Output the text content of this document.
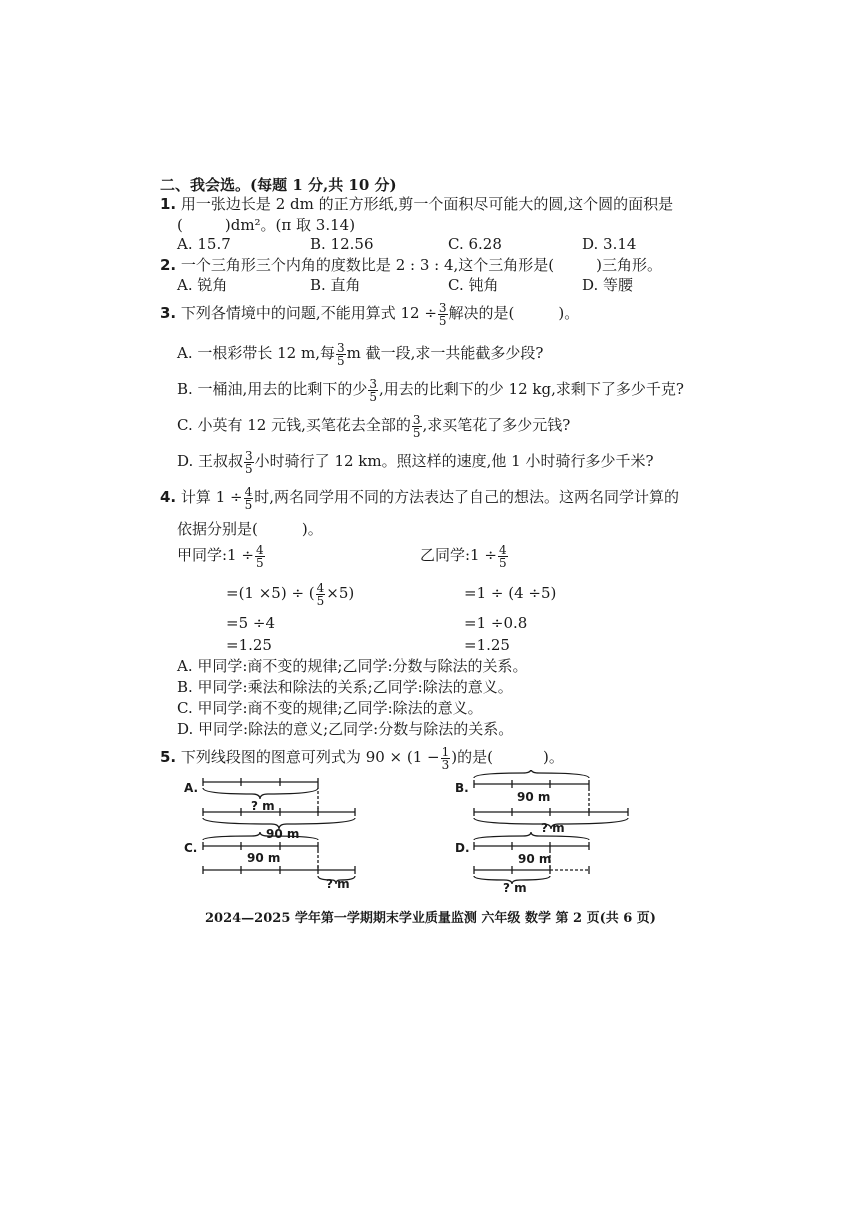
二、我会选。(每题 1 分,共 10 分)
1. 用一张边长是 2 dm 的正方形纸,剪一个面积尽可能大的圆,这个圆的面积是
(	)dm²。(π 取 3.14)
A. 15.7	B. 12.56	C. 6.28	D. 3.14
2. 一个三角形三个内角的度数比是 2 : 3 : 4,这个三角形是(	)三角形。
A. 锐角	B. 直角	C. 钝角	D. 等腰
3. 下列各情境中的问题,不能用算式 $12 \div \frac{3}{5}$ 解决的是(	)。
A. 一根彩带长 12 m,每 $\frac{3}{5}$ m 截一段,求一共能截多少段?
B. 一桶油,用去的比剩下的少 $\frac{3}{5}$ ,用去的比剩下的少 12 kg,求剩下了多少千克?
C. 小英有 12 元钱,买笔花去全部的 $\frac{3}{5}$ ,求买笔花了多少元钱?
D. 王叔叔 $\frac{3}{5}$ 小时骑行了 12 km。照这样的速度,他 1 小时骑行多少千米?
4. 计算 $1 \div \frac{4}{5}$ 时,两名同学用不同的方法表达了自己的想法。这两名同学计算的
依据分别是(	)。
甲同学:1 ÷ $\frac{4}{5}$	乙同学:1 ÷ $\frac{4}{5}$
=(1 ×5) ÷ ( $\frac{4}{5} \times 5$)	=1 ÷ (4 ÷5)
=5 ÷4	=1 ÷0.8
=1.25	=1.25
A. 甲同学:商不变的规律;乙同学:分数与除法的关系。
B. 甲同学:乘法和除法的关系;乙同学:除法的意义。
C. 甲同学:商不变的规律;乙同学:除法的意义。
D. 甲同学:除法的意义;乙同学:分数与除法的关系。
5. 下列线段图的图意可列式为 $90 \times (1 - \frac{1}{3}$ )的是(	)。
A.
? m
90 m
B.
90 m
? m
C.
90 m
? m
D.
90 m
? m
2024—2025 学年第一学期期末学业质量监测 六年级 数学 第 2 页(共 6 页)
